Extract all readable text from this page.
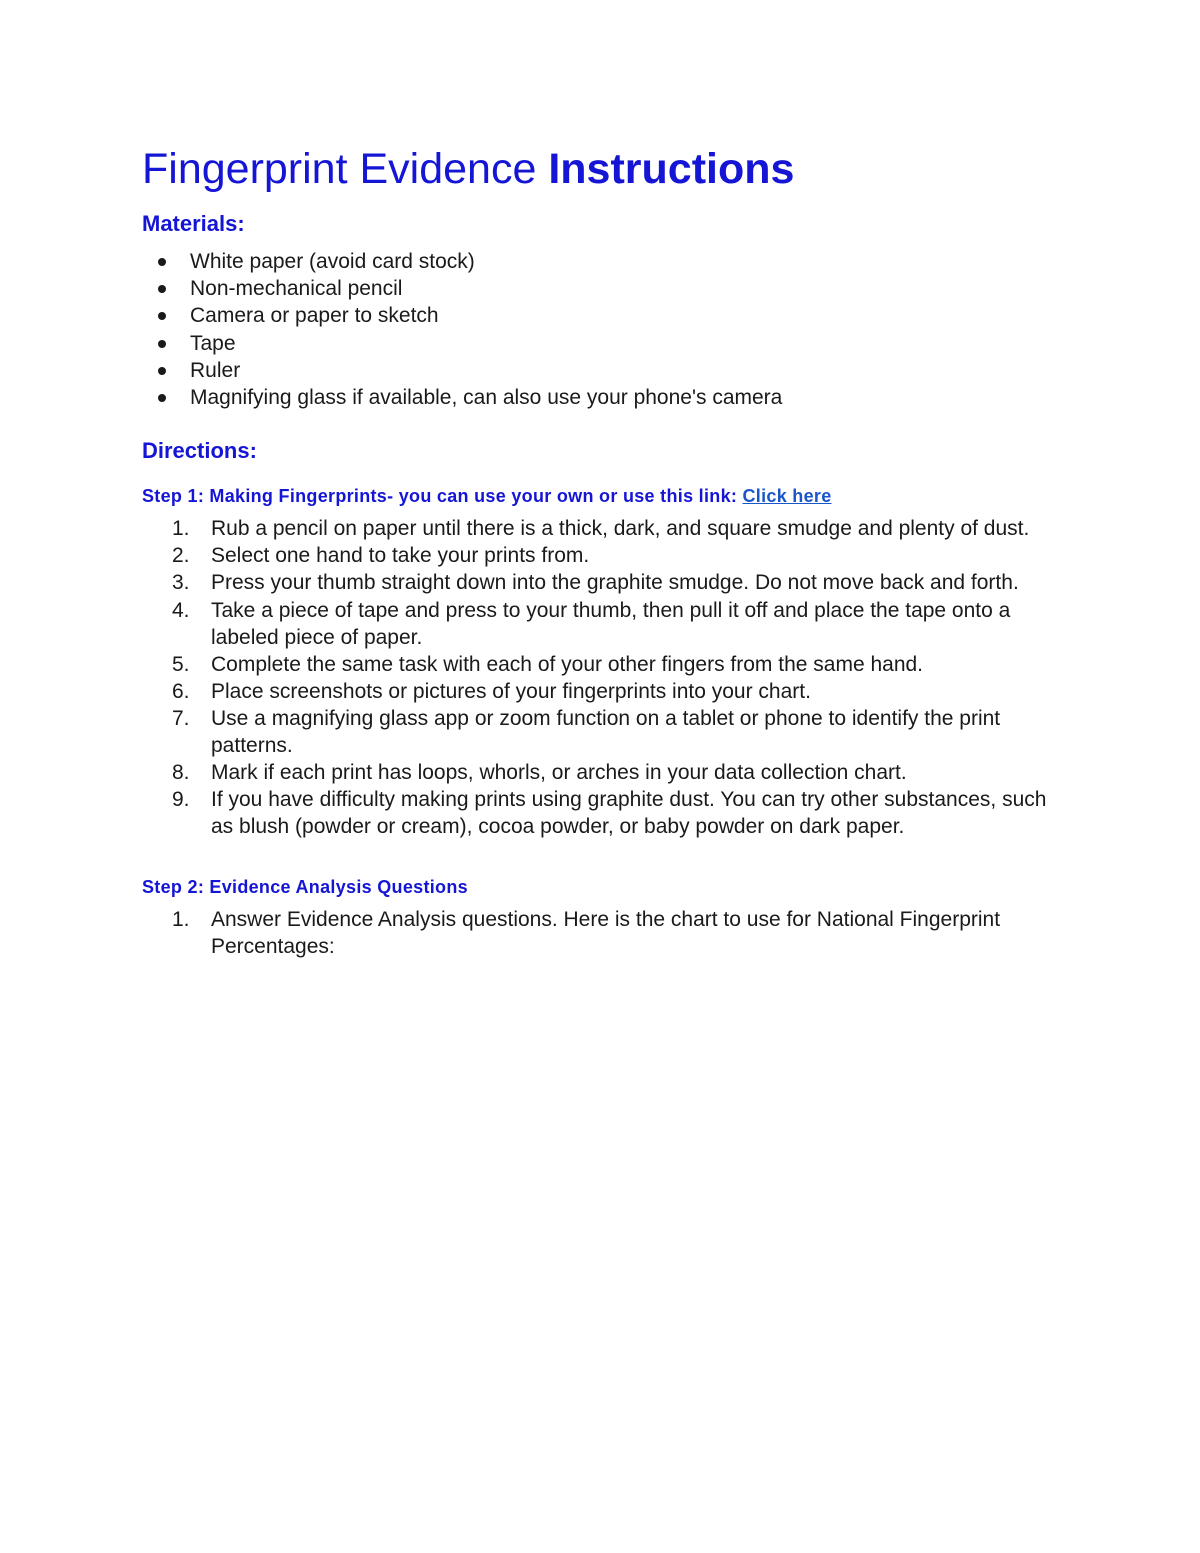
Fingerprint Evidence Instructions
Materials:
White paper (avoid card stock)
Non-mechanical pencil
Camera or paper to sketch
Tape
Ruler
Magnifying glass if available, can also use your phone's camera
Directions:

Step 1: Making Fingerprints- you can use your own or use this link: Click here

1. Rub a pencil on paper until there is a thick, dark, and square smudge and plenty of dust.
2. Select one hand to take your prints from.
3. Press your thumb straight down into the graphite smudge. Do not move back and forth.
4. Take a piece of tape and press to your thumb, then pull it off and place the tape onto a labeled piece of paper.
5. Complete the same task with each of your other fingers from the same hand.
6. Place screenshots or pictures of your fingerprints into your chart.
7. Use a magnifying glass app or zoom function on a tablet or phone to identify the print patterns.
8. Mark if each print has loops, whorls, or arches in your data collection chart.
9. If you have difficulty making prints using graphite dust. You can try other substances, such as blush (powder or cream), cocoa powder, or baby powder on dark paper.

Step 2: Evidence Analysis Questions

1. Answer Evidence Analysis questions. Here is the chart to use for National Fingerprint Percentages:
